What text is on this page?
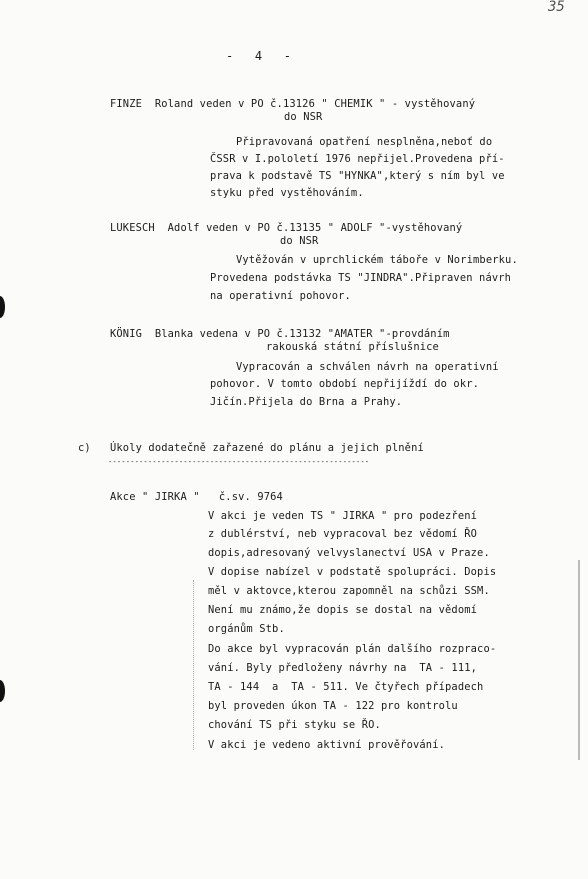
35
-   4   -
FINZE  Roland veden v PO č.13126 " CHEMIK " - vystěhovaný
do NSR
Připravovaná opatření nesplněna,neboť do
ČSSR v I.pololetí 1976 nepřijel.Provedena pří-
prava k podstavě TS "HYNKA",který s ním byl ve
styku před vystěhováním.
LUKESCH  Adolf veden v PO č.13135 " ADOLF "-vystěhovaný
do NSR
Vytěžován v uprchlickém táboře v Norimberku.
Provedena podstávka TS "JINDRA".Připraven návrh
na operativní pohovor.
KÖNIG  Blanka vedena v PO č.13132 "AMATER "-provdáním
rakouská státní příslušnice
Vypracován a schválen návrh na operativní
pohovor. V tomto období nepřijíždí do okr.
Jičín.Přijela do Brna a Prahy.
c) Úkoly dodatečně zařazené do plánu a jejich plnění
-----------------------------------------------------------
Akce " JIRKA "   č.sv. 9764
V akci je veden TS " JIRKA " pro podezření
z dublérství, neb vypracoval bez vědomí ŘO
dopis,adresovaný velvyslanectví USA v Praze.
V dopise nabízel v podstatě spolupráci. Dopis
měl v aktovce,kterou zapomněl na schůzi SSM.
Není mu známo,že dopis se dostal na vědomí
orgánům Stb.
Do akce byl vypracován plán dalšího rozpraco-
vání. Byly předloženy návrhy na  TA - 111,
TA - 144  a  TA - 511. Ve čtyřech případech
byl proveden úkon TA - 122 pro kontrolu
chování TS při styku se ŘO.
V akci je vedeno aktivní prověřování.
